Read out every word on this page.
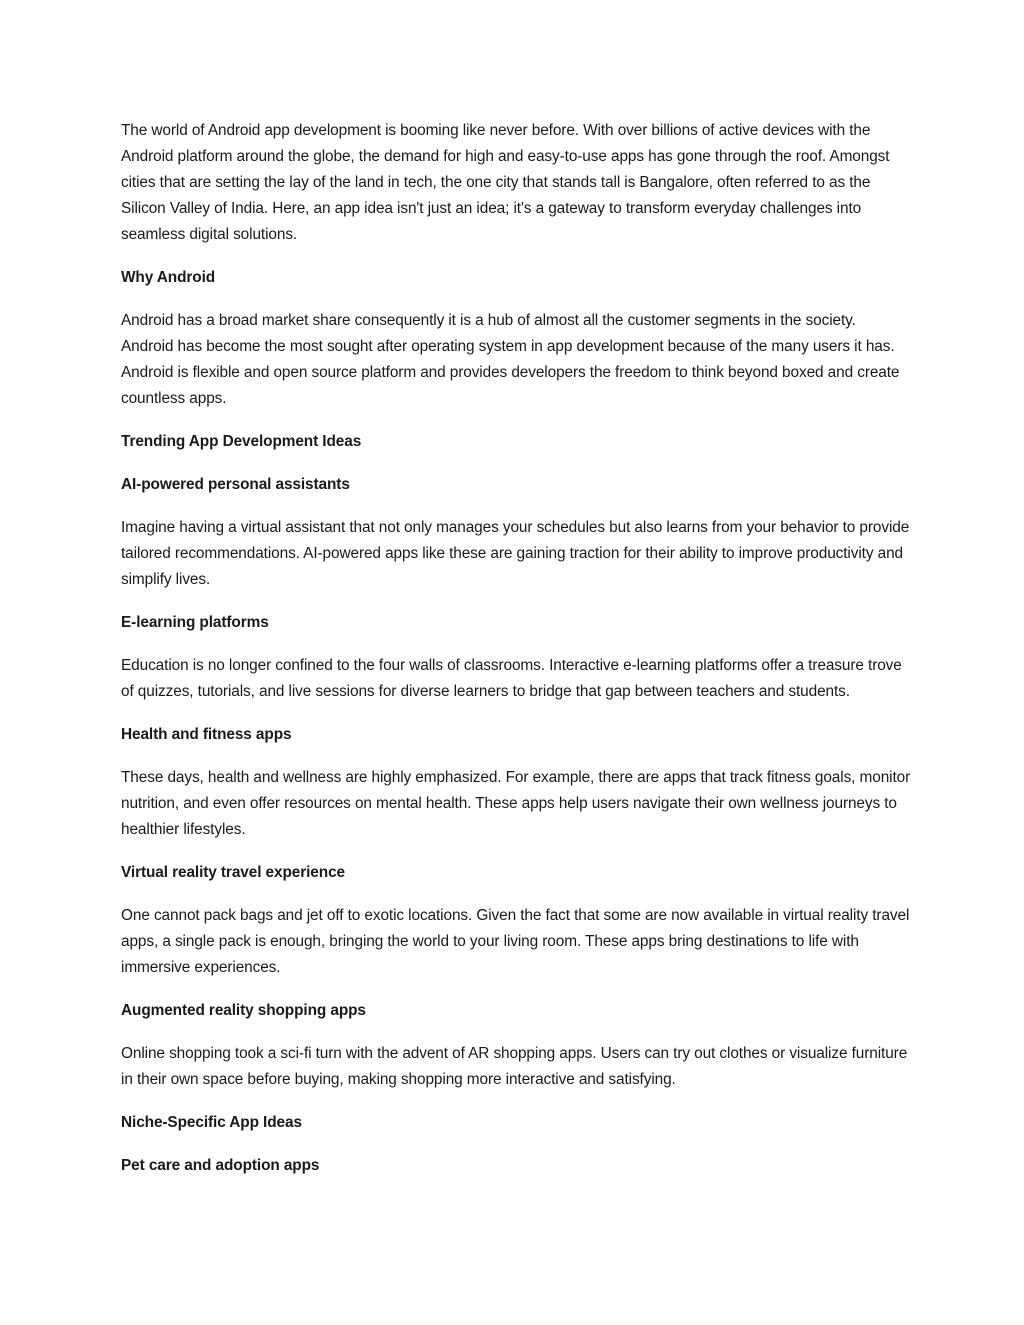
The world of Android app development is booming like never before. With over billions of active devices with the Android platform around the globe, the demand for high and easy-to-use apps has gone through the roof. Amongst cities that are setting the lay of the land in tech, the one city that stands tall is Bangalore, often referred to as the Silicon Valley of India. Here, an app idea isn't just an idea; it's a gateway to transform everyday challenges into seamless digital solutions.

Why Android

Android has a broad market share consequently it is a hub of almost all the customer segments in the society. Android has become the most sought after operating system in app development because of the many users it has. Android is flexible and open source platform and provides developers the freedom to think beyond boxed and create countless apps.

Trending App Development Ideas

AI-powered personal assistants

Imagine having a virtual assistant that not only manages your schedules but also learns from your behavior to provide tailored recommendations. AI-powered apps like these are gaining traction for their ability to improve productivity and simplify lives.

E-learning platforms

Education is no longer confined to the four walls of classrooms. Interactive e-learning platforms offer a treasure trove of quizzes, tutorials, and live sessions for diverse learners to bridge that gap between teachers and students.

Health and fitness apps

These days, health and wellness are highly emphasized. For example, there are apps that track fitness goals, monitor nutrition, and even offer resources on mental health. These apps help users navigate their own wellness journeys to healthier lifestyles.

Virtual reality travel experience

One cannot pack bags and jet off to exotic locations. Given the fact that some are now available in virtual reality travel apps, a single pack is enough, bringing the world to your living room. These apps bring destinations to life with immersive experiences.

Augmented reality shopping apps

Online shopping took a sci-fi turn with the advent of AR shopping apps. Users can try out clothes or visualize furniture in their own space before buying, making shopping more interactive and satisfying.

Niche-Specific App Ideas

Pet care and adoption apps
